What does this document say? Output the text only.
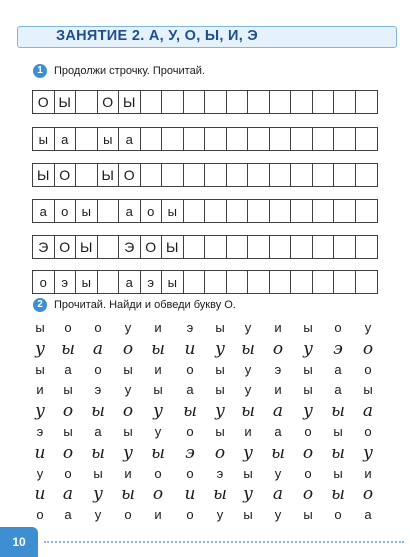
ЗАНЯТИЕ 2. А, У, О, Ы, И, Э
1	Продолжи строчку. Прочитай.
О Ы	О Ы
ы	а	ы	а
Ы О	Ы О
а	о	ы	а	о	ы
Э О Ы	Э О Ы
о	э	ы	а	э	ы
2	Прочитай. Найди и обведи букву О.
ы	о	о	у	и	э	ы	у	и	ы	о	у
у ы а о ы и у ы о у	э	о
ы	а	о	ы	и	о	ы	у	э	ы	а	о
и	ы	э	у	ы	а	ы	у	и	ы	а	ы
у о ы о у ы у ы а у ы а
э	ы	а	ы	у	о	ы	и	а	о	ы	о
и о ы у ы	э	о у ы о ы у
у	о	ы	и	о	о	э	ы	у	о	ы	и
и а у ы о и ы у а о ы о
о	а	у	о	и	о	у	ы	у	ы	о	а
10
